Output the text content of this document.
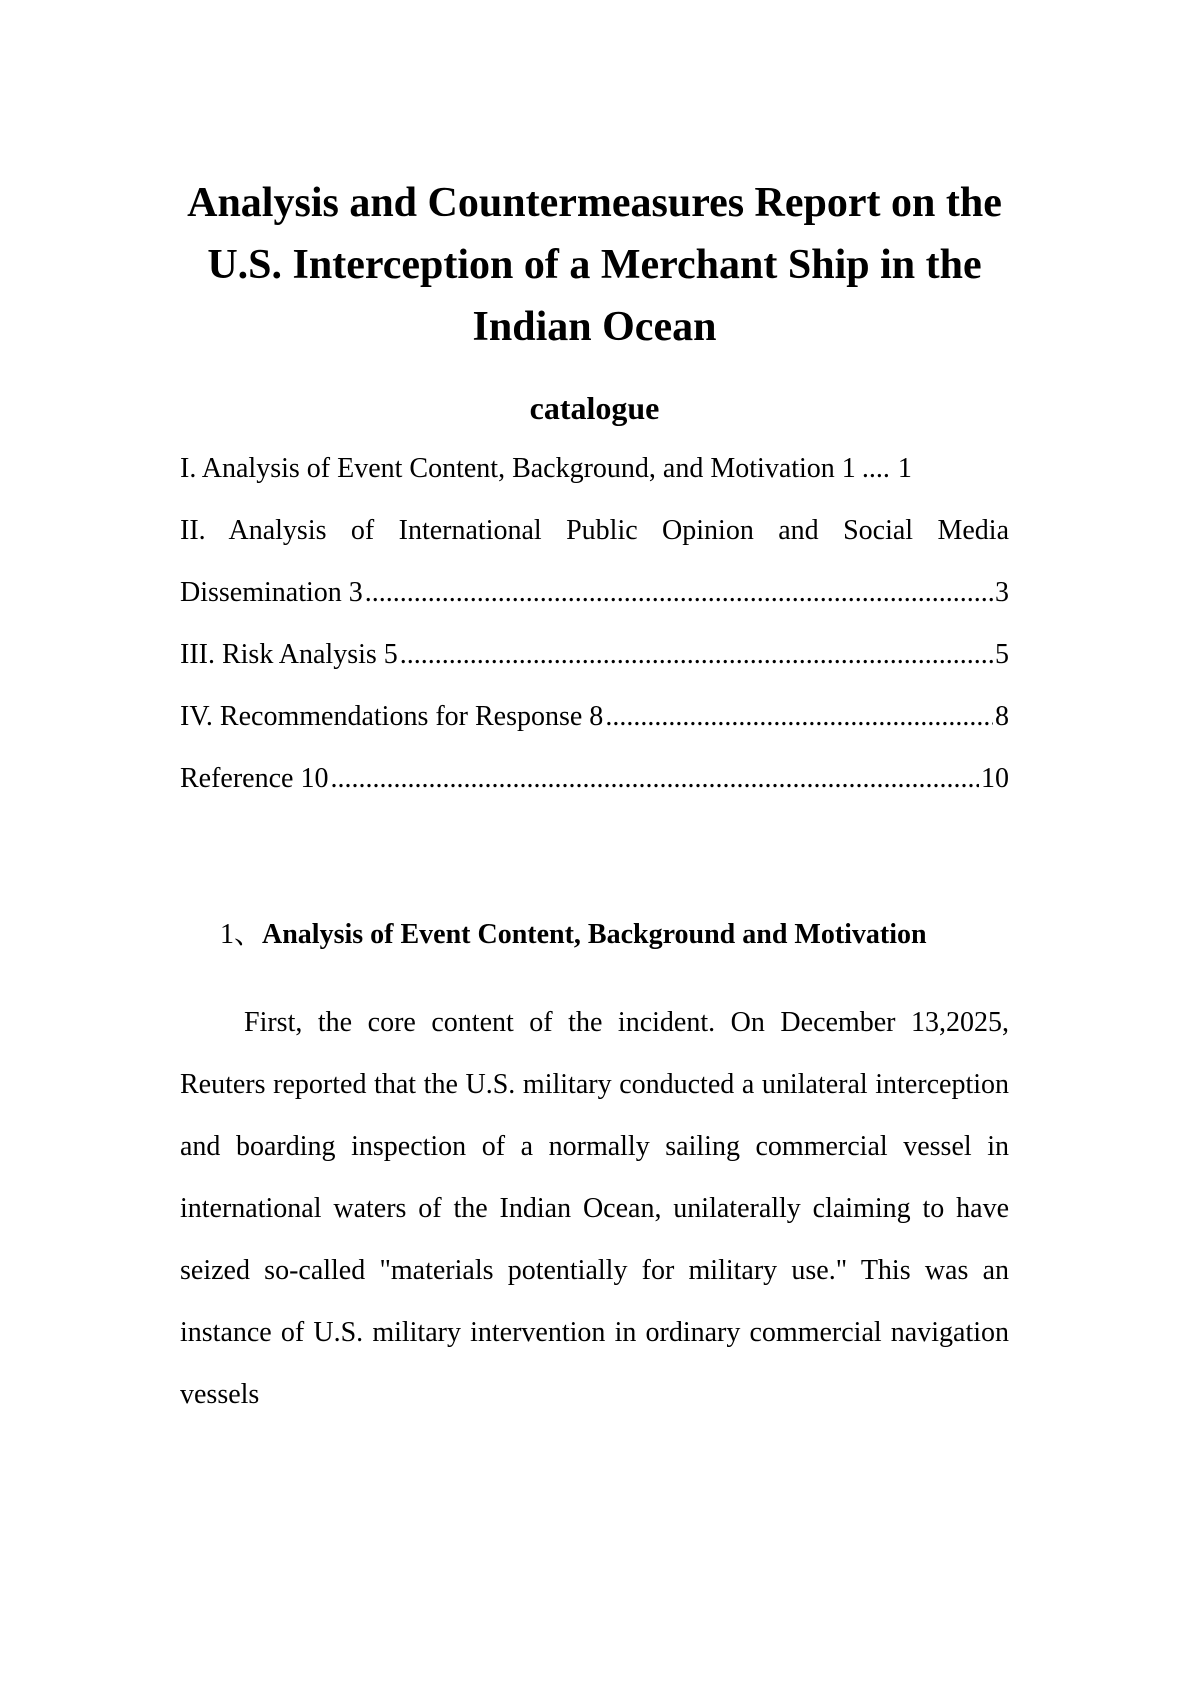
Analysis and Countermeasures Report on the U.S. Interception of a Merchant Ship in the Indian Ocean
catalogue
I. Analysis of Event Content, Background, and Motivation 1 .... 1
II. Analysis of International Public Opinion and Social Media
Dissemination 3 .....	3
III. Risk Analysis 5 .....	5
IV. Recommendations for Response 8 .....	8
Reference 10 .....	10
1、Analysis of Event Content, Background and Motivation

First, the core content of the incident. On December 13,2025, Reuters reported that the U.S. military conducted a unilateral interception and boarding inspection of a normally sailing commercial vessel in international waters of the Indian Ocean, unilaterally claiming to have seized so-called "materials potentially for military use." This was an instance of U.S. military intervention in ordinary commercial navigation vessels
